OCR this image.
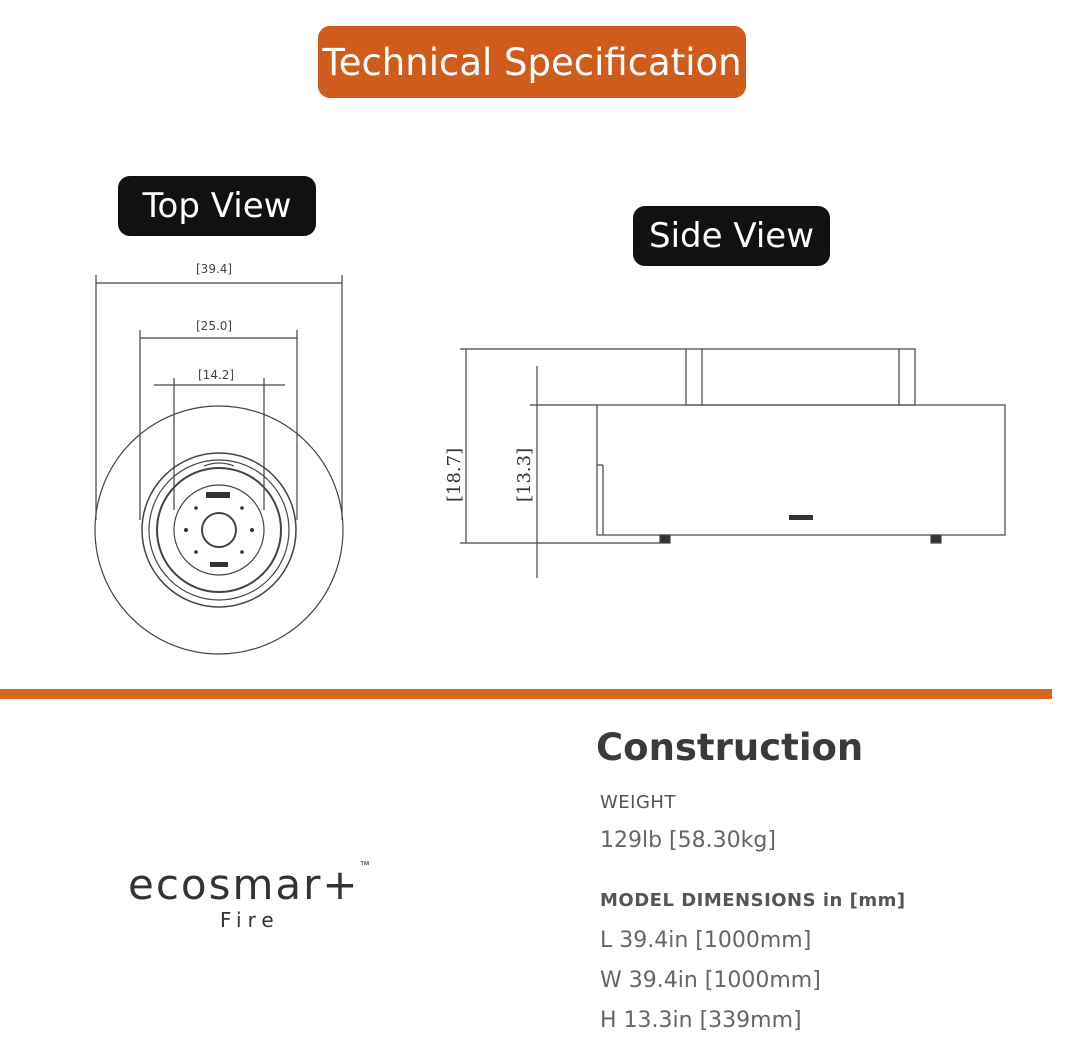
Technical Specification
Top View
Side View
[39.4]
[25.0]
[14.2]
[18.7]	[13.3]
Construction
WEIGHT
129lb [58.30kg]
MODEL DIMENSIONS in [mm]
L 39.4in [1000mm]
W 39.4in [1000mm]
H 13.3in [339mm]
ecosmar+™
Fire
